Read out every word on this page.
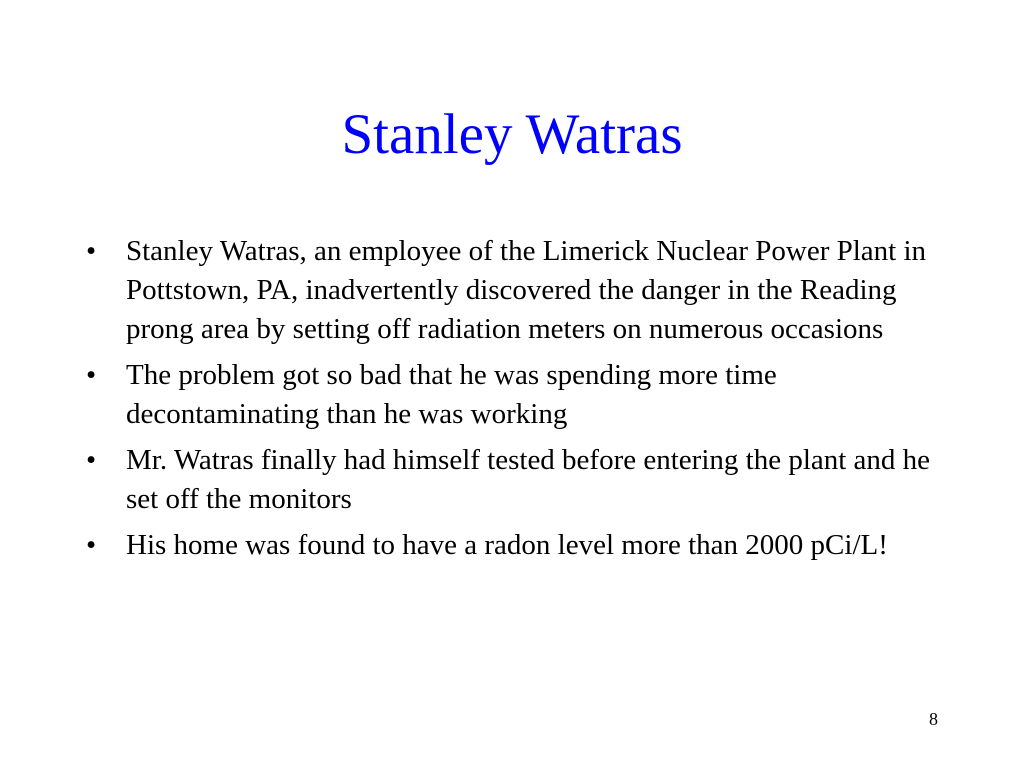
Stanley Watras
•	Stanley Watras, an employee of the Limerick Nuclear Power Plant in Pottstown, PA, inadvertently discovered the danger in the Reading prong area by setting off radiation meters on numerous occasions
•	The problem got so bad that he was spending more time decontaminating than he was working
•	Mr. Watras finally had himself tested before entering the plant and he set off the monitors
•	His home was found to have a radon level more than 2000 pCi/L!
8
